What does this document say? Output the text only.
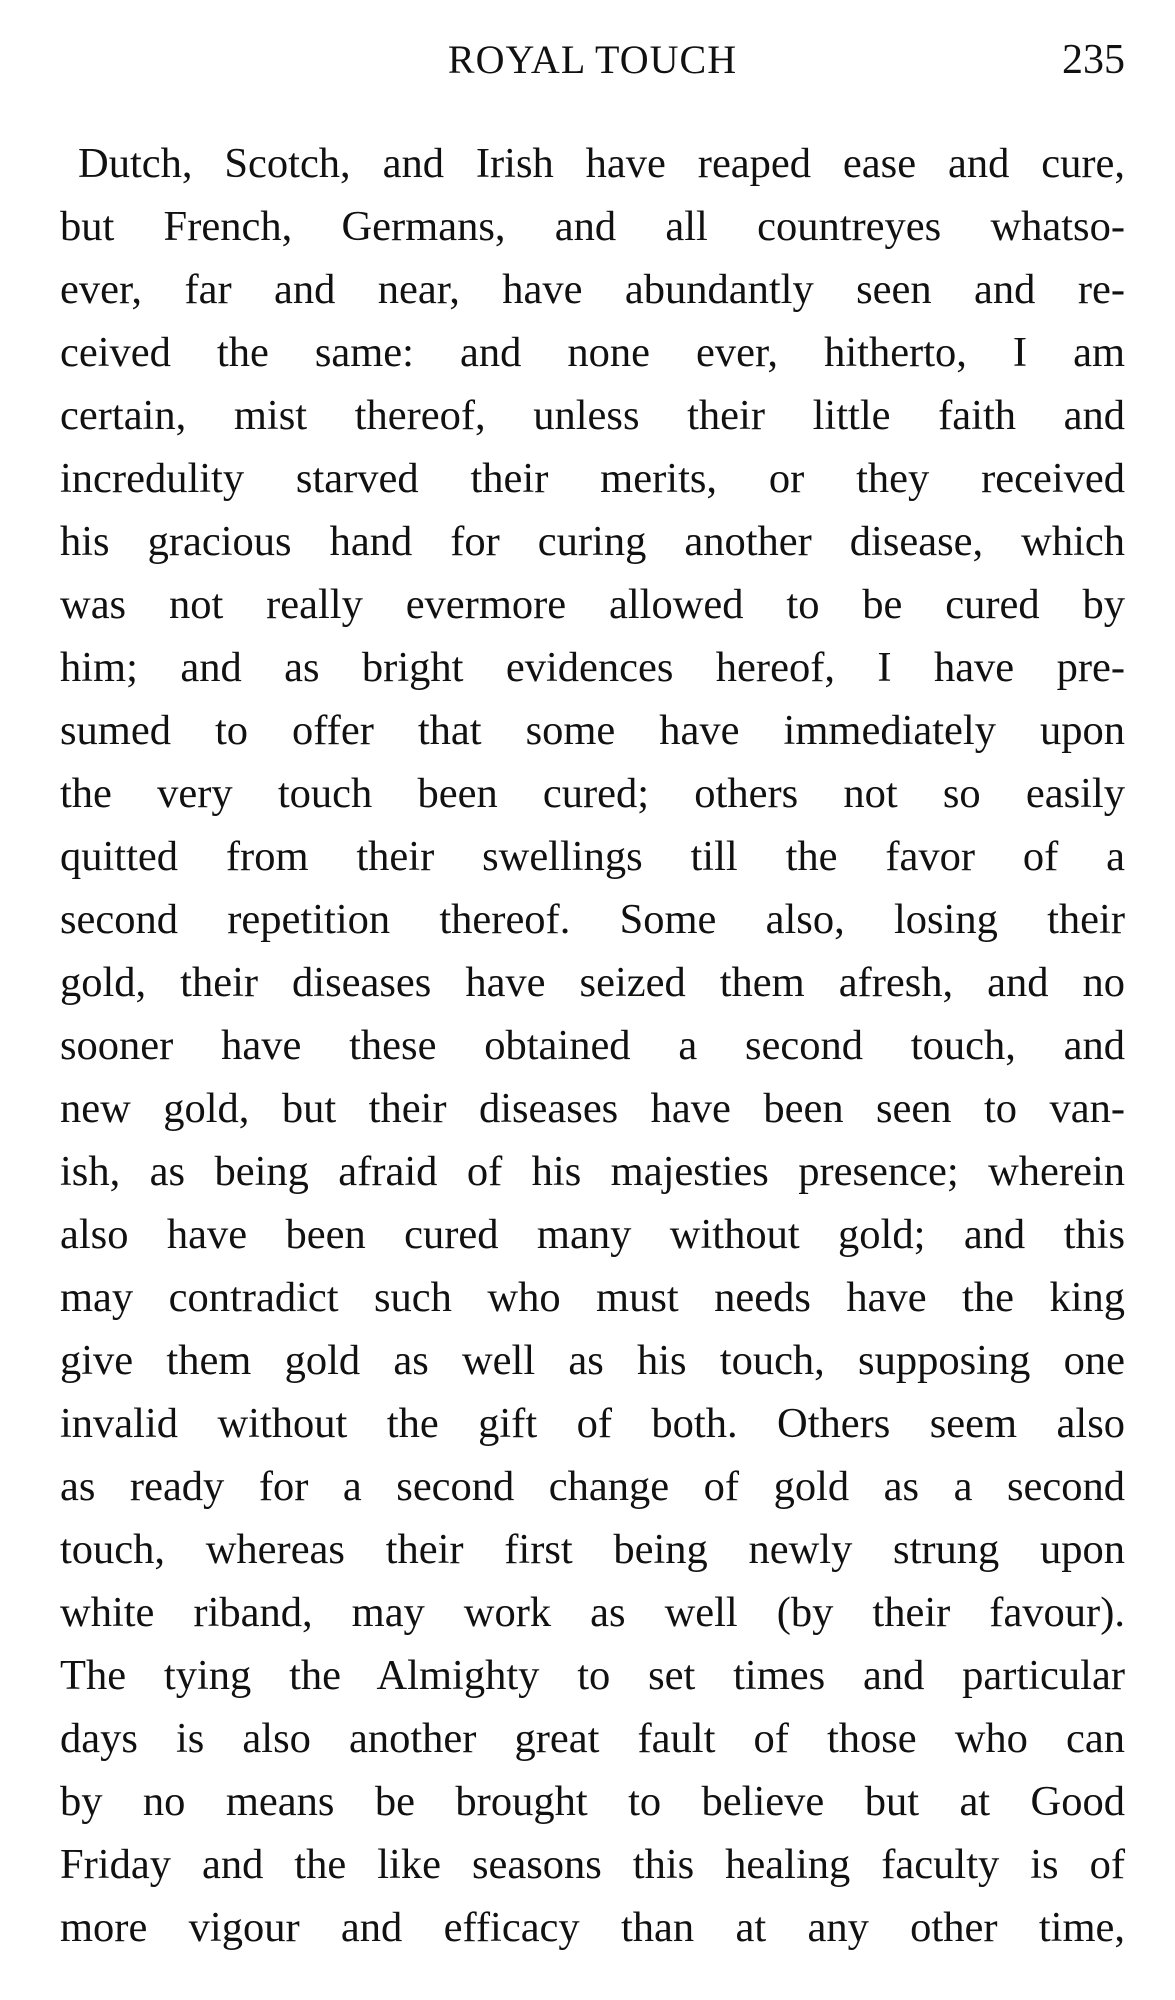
ROYAL TOUCH	235
Dutch, Scotch, and Irish have reaped ease and cure,
but French, Germans, and all countreyes whatso-
ever, far and near, have abundantly seen and re-
ceived the same: and none ever, hitherto, I am
certain, mist thereof, unless their little faith and
incredulity starved their merits, or they received
his gracious hand for curing another disease, which
was not really evermore allowed to be cured by
him; and as bright evidences hereof, I have pre-
sumed to offer that some have immediately upon
the very touch been cured; others not so easily
quitted from their swellings till the favor of a
second repetition thereof. Some also, losing their
gold, their diseases have seized them afresh, and no
sooner have these obtained a second touch, and
new gold, but their diseases have been seen to van-
ish, as being afraid of his majesties presence; wherein
also have been cured many without gold; and this
may contradict such who must needs have the king
give them gold as well as his touch, supposing one
invalid without the gift of both. Others seem also
as ready for a second change of gold as a second
touch, whereas their first being newly strung upon
white riband, may work as well (by their favour).
The tying the Almighty to set times and particular
days is also another great fault of those who can
by no means be brought to believe but at Good
Friday and the like seasons this healing faculty is of
more vigour and efficacy than at any other time,
